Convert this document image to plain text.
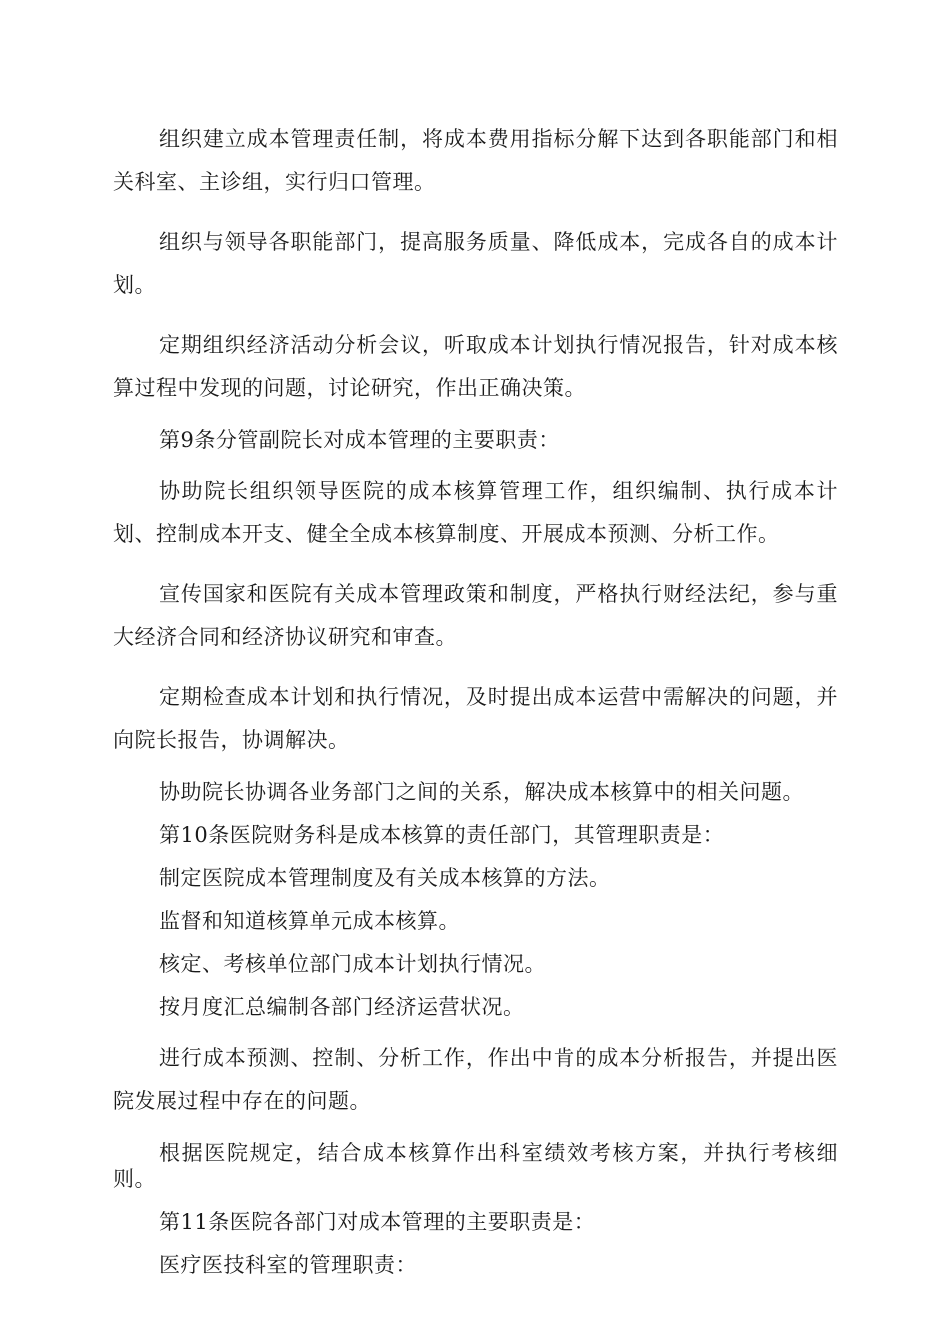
组织建立成本管理责任制，将成本费用指标分解下达到各职能部门和相关科室、主诊组，实行归口管理。

组织与领导各职能部门，提高服务质量、降低成本，完成各自的成本计划。

定期组织经济活动分析会议，听取成本计划执行情况报告，针对成本核算过程中发现的问题，讨论研究，作出正确决策。

第9条分管副院长对成本管理的主要职责：

协助院长组织领导医院的成本核算管理工作，组织编制、执行成本计划、控制成本开支、健全全成本核算制度、开展成本预测、分析工作。

宣传国家和医院有关成本管理政策和制度，严格执行财经法纪，参与重大经济合同和经济协议研究和审查。

定期检查成本计划和执行情况，及时提出成本运营中需解决的问题，并向院长报告，协调解决。

协助院长协调各业务部门之间的关系，解决成本核算中的相关问题。

第10条医院财务科是成本核算的责任部门，其管理职责是：

制定医院成本管理制度及有关成本核算的方法。

监督和知道核算单元成本核算。

核定、考核单位部门成本计划执行情况。

按月度汇总编制各部门经济运营状况。

进行成本预测、控制、分析工作，作出中肯的成本分析报告，并提出医院发展过程中存在的问题。

根据医院规定，结合成本核算作出科室绩效考核方案，并执行考核细则。

第11条医院各部门对成本管理的主要职责是：

医疗医技科室的管理职责：
